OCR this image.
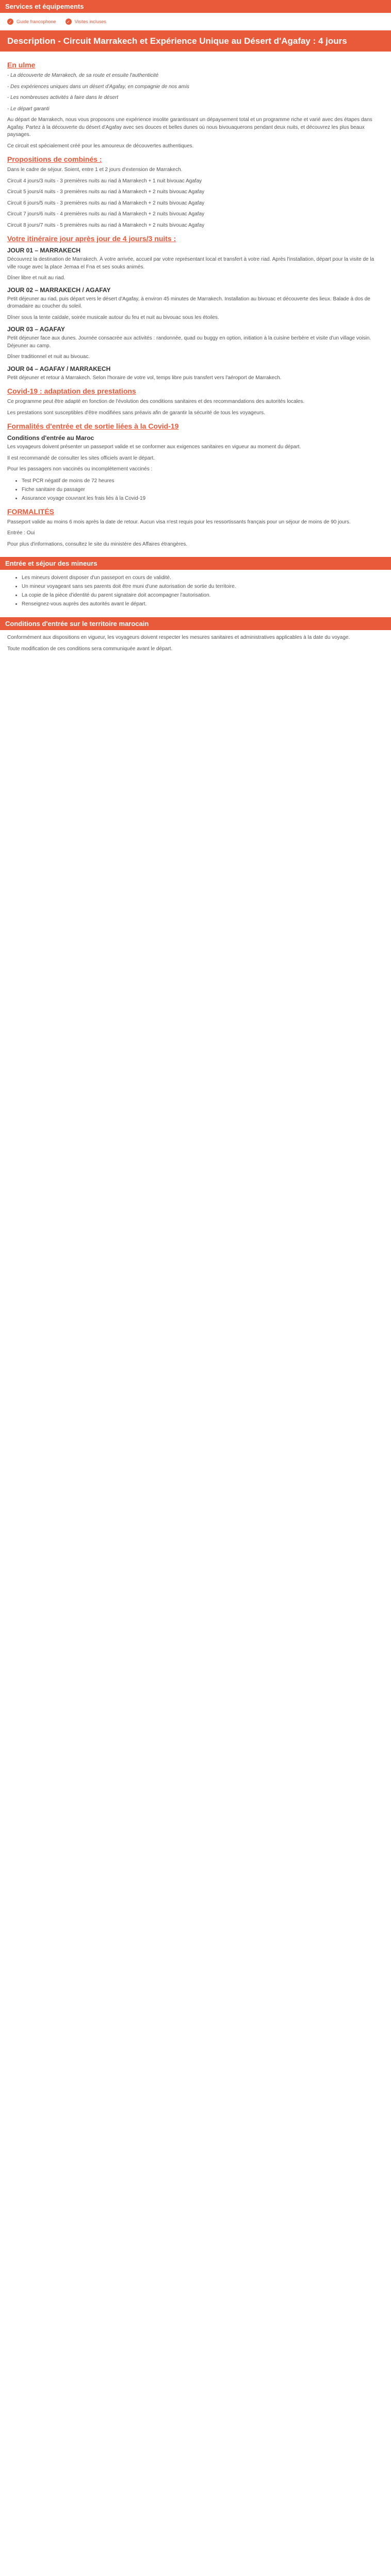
Services et équipements
✓ Guide francophone	✓ Visites incluses
Description - Circuit Marrakech et Expérience Unique au Désert d'Agafay : 4 jours
En ulme

- La découverte de Marrakech, de sa route et ensuite l'authenticité

- Des expériences uniques dans un désert d'Agafay, en compagnie de nos amis

- Les nombreuses activités à faire dans le désert

- Le départ garanti

Au départ de Marrakech, nous vous proposons une expérience insolite garantissant un dépaysement total et un programme riche et varié avec des étapes dans Agafay. Partez à la découverte du désert d'Agafay avec ses douces et belles dunes où nous bivouaquerons pendant deux nuits, et découvrez les plus beaux paysages.

Ce circuit est spécialement créé pour les amoureux de découvertes authentiques.

Propositions de combinés :

Dans le cadre de séjour. Soient, entre 1 et 2 jours d'extension de Marrakech.

Circuit 4 jours/3 nuits - 3 premières nuits au riad à Marrakech + 1 nuit bivouac Agafay

Circuit 5 jours/4 nuits - 3 premières nuits au riad à Marrakech + 2 nuits bivouac Agafay

Circuit 6 jours/5 nuits - 3 premières nuits au riad à Marrakech + 2 nuits bivouac Agafay

Circuit 7 jours/6 nuits - 4 premières nuits au riad à Marrakech + 2 nuits bivouac Agafay

Circuit 8 jours/7 nuits - 5 premières nuits au riad à Marrakech + 2 nuits bivouac Agafay

Votre itinéraire jour après jour de 4 jours/3 nuits :
JOUR 01 – MARRAKECH

Découvrez la destination de Marrakech. À votre arrivée, accueil par votre représentant local et transfert à votre riad. Après l'installation, départ pour la visite de la ville rouge avec la place Jemaa el Fna et ses souks animés.

Dîner libre et nuit au riad.

JOUR 02 – MARRAKECH / AGAFAY

Petit déjeuner au riad, puis départ vers le désert d'Agafay, à environ 45 minutes de Marrakech. Installation au bivouac et découverte des lieux. Balade à dos de dromadaire au coucher du soleil.

Dîner sous la tente caïdale, soirée musicale autour du feu et nuit au bivouac sous les étoiles.

JOUR 03 – AGAFAY

Petit déjeuner face aux dunes. Journée consacrée aux activités : randonnée, quad ou buggy en option, initiation à la cuisine berbère et visite d'un village voisin. Déjeuner au camp.

Dîner traditionnel et nuit au bivouac.

JOUR 04 – AGAFAY / MARRAKECH

Petit déjeuner et retour à Marrakech. Selon l'horaire de votre vol, temps libre puis transfert vers l'aéroport de Marrakech.

Covid-19 : adaptation des prestations

Ce programme peut être adapté en fonction de l'évolution des conditions sanitaires et des recommandations des autorités locales.

Les prestations sont susceptibles d'être modifiées sans préavis afin de garantir la sécurité de tous les voyageurs.

Formalités d'entrée et de sortie liées à la Covid-19
Conditions d'entrée au Maroc

Les voyageurs doivent présenter un passeport valide et se conformer aux exigences sanitaires en vigueur au moment du départ.

Il est recommandé de consulter les sites officiels avant le départ.

Pour les passagers non vaccinés ou incomplètement vaccinés :

• Test PCR négatif de moins de 72 heures
• Fiche sanitaire du passager
• Assurance voyage couvrant les frais liés à la Covid-19
FORMALITÉS

Passeport valide au moins 6 mois après la date de retour. Aucun visa n'est requis pour les ressortissants français pour un séjour de moins de 90 jours.

Entrée : Oui

Pour plus d'informations, consultez le site du ministère des Affaires étrangères.

Entrée et séjour des mineurs
• Les mineurs doivent disposer d'un passeport en cours de validité.
• Un mineur voyageant sans ses parents doit être muni d'une autorisation de sortie du territoire.
• La copie de la pièce d'identité du parent signataire doit accompagner l'autorisation.
• Renseignez-vous auprès des autorités avant le départ.
Conditions d'entrée sur le territoire marocain

Conformément aux dispositions en vigueur, les voyageurs doivent respecter les mesures sanitaires et administratives applicables à la date du voyage.

Toute modification de ces conditions sera communiquée avant le départ.
